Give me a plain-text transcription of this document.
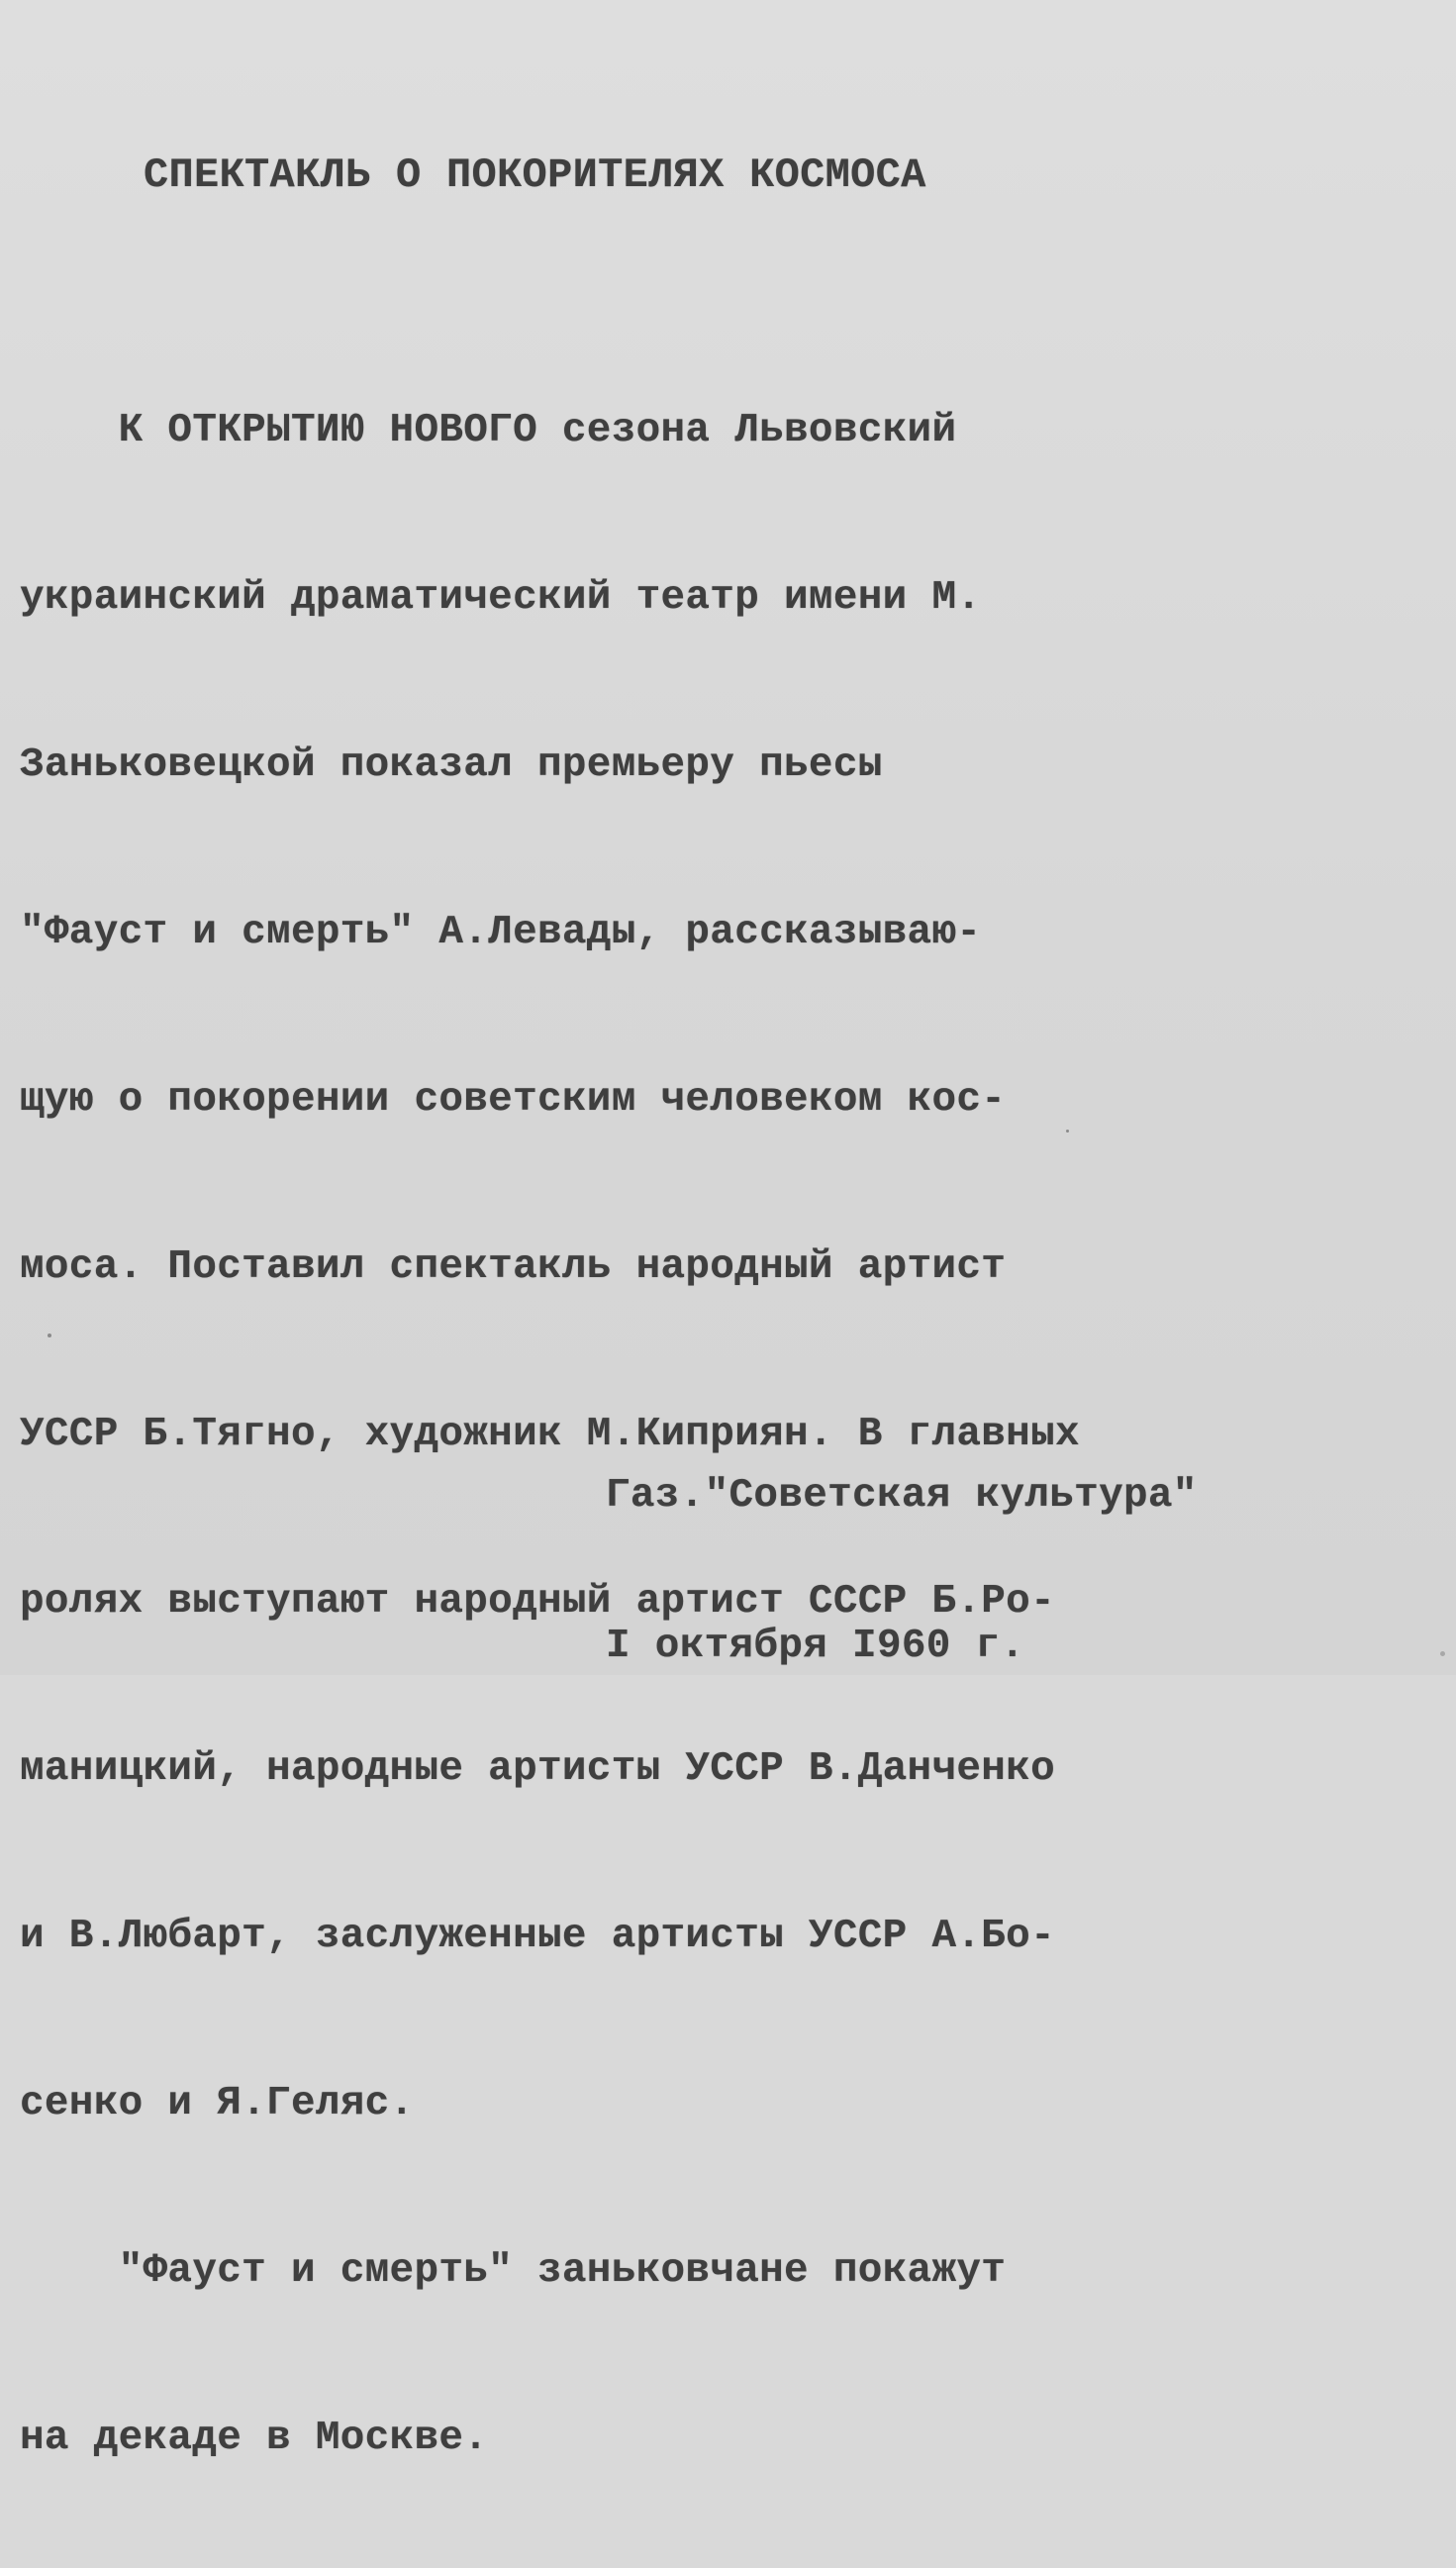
СПЕКТАКЛЬ О ПОКОРИТЕЛЯХ КОСМОСА

К ОТКРЫТИЮ НОВОГО сезона Львовский

украинский драматический театр имени М.

Заньковецкой показал премьеру пьесы

"Фауст и смерть" А.Левады, рассказываю-

щую о покорении советским человеком кос-

моса. Поставил спектакль народный артист

УССР Б.Тягно, художник М.Киприян. В главных

ролях выступают народный артист СССР Б.Ро-

маницкий, народные артисты УССР В.Данченко

и В.Любарт, заслуженные артисты УССР А.Бо-

сенко и Я.Геляс.

"Фауст и смерть" заньковчане покажут

на декаде в Москве.

Газ."Советская культура"

I октября I960 г.
